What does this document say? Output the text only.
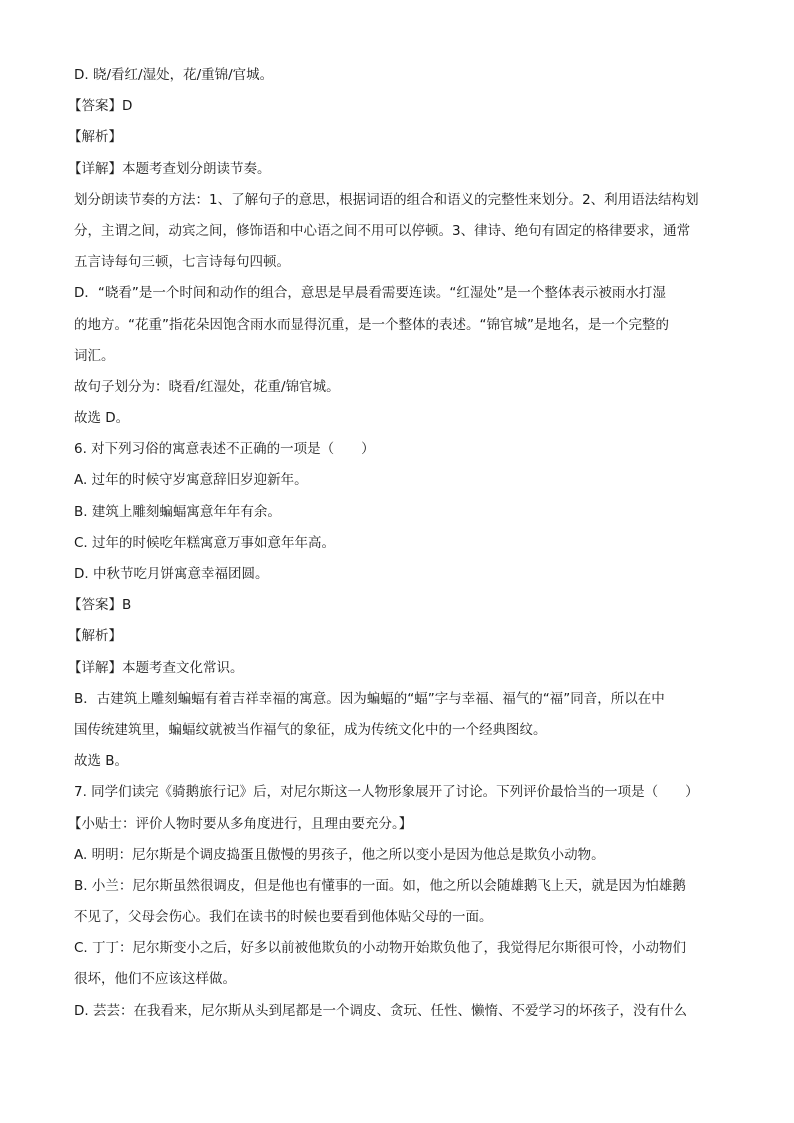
D. 晓/看红/湿处，花/重锦/官城。
【答案】D
【解析】
【详解】本题考查划分朗读节奏。
划分朗读节奏的方法：1、了解句子的意思，根据词语的组合和语义的完整性来划分。2、利用语法结构划
分，主谓之间，动宾之间，修饰语和中心语之间不用可以停顿。3、律诗、绝句有固定的格律要求，通常
五言诗每句三顿，七言诗每句四顿。
D．“晓看”是一个时间和动作的组合，意思是早晨看需要连读。“红湿处”是一个整体表示被雨水打湿
的地方。“花重”指花朵因饱含雨水而显得沉重，是一个整体的表述。“锦官城”是地名，是一个完整的
词汇。
故句子划分为：晓看/红湿处，花重/锦官城。
故选 D。
6. 对下列习俗的寓意表述不正确的一项是（　　）
A. 过年的时候守岁寓意辞旧岁迎新年。
B. 建筑上雕刻蝙蝠寓意年年有余。
C. 过年的时候吃年糕寓意万事如意年年高。
D. 中秋节吃月饼寓意幸福团圆。
【答案】B
【解析】
【详解】本题考查文化常识。
B．古建筑上雕刻蝙蝠有着吉祥幸福的寓意。因为蝙蝠的“蝠”字与幸福、福气的“福”同音，所以在中
国传统建筑里，蝙蝠纹就被当作福气的象征，成为传统文化中的一个经典图纹。
故选 B。
7. 同学们读完《骑鹅旅行记》后，对尼尔斯这一人物形象展开了讨论。下列评价最恰当的一项是（　　）
【小贴士：评价人物时要从多角度进行，且理由要充分。】
A. 明明：尼尔斯是个调皮捣蛋且傲慢的男孩子，他之所以变小是因为他总是欺负小动物。
B. 小兰：尼尔斯虽然很调皮，但是他也有懂事的一面。如，他之所以会随雄鹅飞上天，就是因为怕雄鹅
不见了，父母会伤心。我们在读书的时候也要看到他体贴父母的一面。
C. 丁丁：尼尔斯变小之后，好多以前被他欺负的小动物开始欺负他了，我觉得尼尔斯很可怜，小动物们
很坏，他们不应该这样做。
D. 芸芸：在我看来，尼尔斯从头到尾都是一个调皮、贪玩、任性、懒惰、不爱学习的坏孩子，没有什么
